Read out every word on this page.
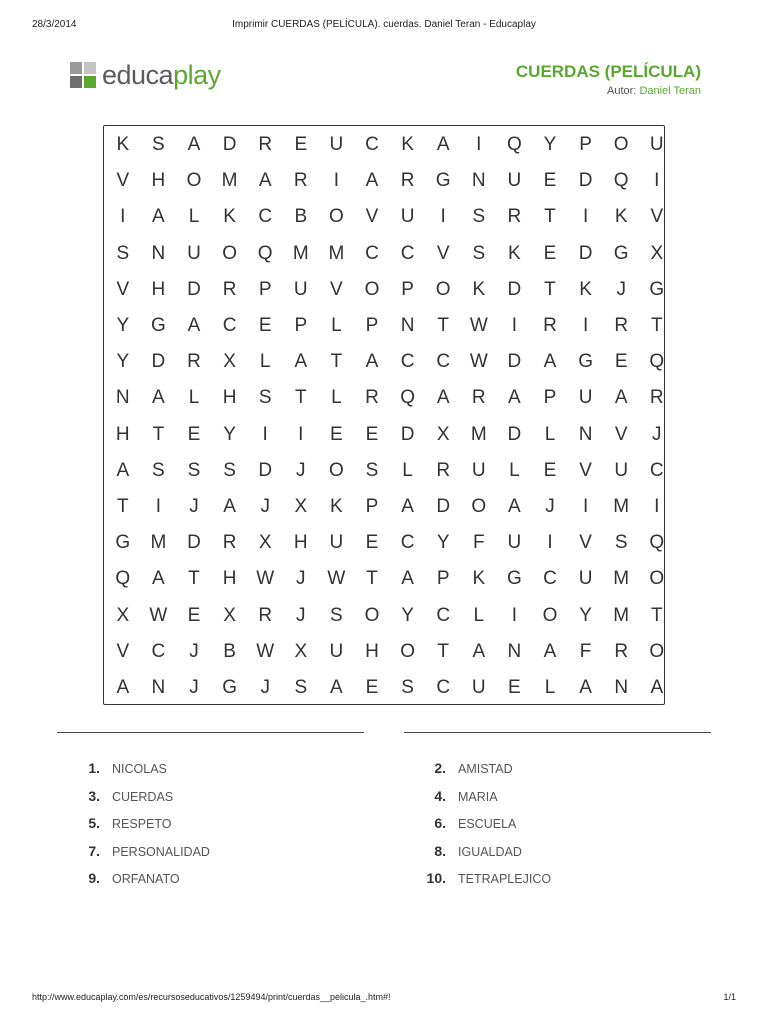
28/3/2014	Imprimir CUERDAS (PELÍCULA). cuerdas. Daniel Teran - Educaplay
educaplay	CUERDAS (PELÍCULA)
Autor: Daniel Teran
K	S	A	D	R	E	U	C	K	A	I	Q	Y	P	O	U
V	H	O	M	A	R	I	A	R	G	N	U	E	D	Q	I
I	A	L	K	C	B	O	V	U	I	S	R	T	I	K	V
S	N	U	O	Q	M	M	C	C	V	S	K	E	D	G	X
V	H	D	R	P	U	V	O	P	O	K	D	T	K	J	G
Y	G	A	C	E	P	L	P	N	T	W	I	R	I	R	T
Y	D	R	X	L	A	T	A	C	C	W	D	A	G	E	Q
N	A	L	H	S	T	L	R	Q	A	R	A	P	U	A	R
H	T	E	Y	I	I	E	E	D	X	M	D	L	N	V	J
A	S	S	S	D	J	O	S	L	R	U	L	E	V	U	C
T	I	J	A	J	X	K	P	A	D	O	A	J	I	M	I
G	M	D	R	X	H	U	E	C	Y	F	U	I	V	S	Q
Q	A	T	H	W	J	W	T	A	P	K	G	C	U	M	O
X	W	E	X	R	J	S	O	Y	C	L	I	O	Y	M	T
V	C	J	B	W	X	U	H	O	T	A	N	A	F	R	O
A	N	J	G	J	S	A	E	S	C	U	E	L	A	N	A
1. NICOLAS	2. AMISTAD
3. CUERDAS	4. MARIA
5. RESPETO	6. ESCUELA
7. PERSONALIDAD	8. IGUALDAD
9. ORFANATO	10. TETRAPLEJICO
http://www.educaplay.com/es/recursoseducativos/1259494/print/cuerdas__pelicula_.htm#!	1/1
